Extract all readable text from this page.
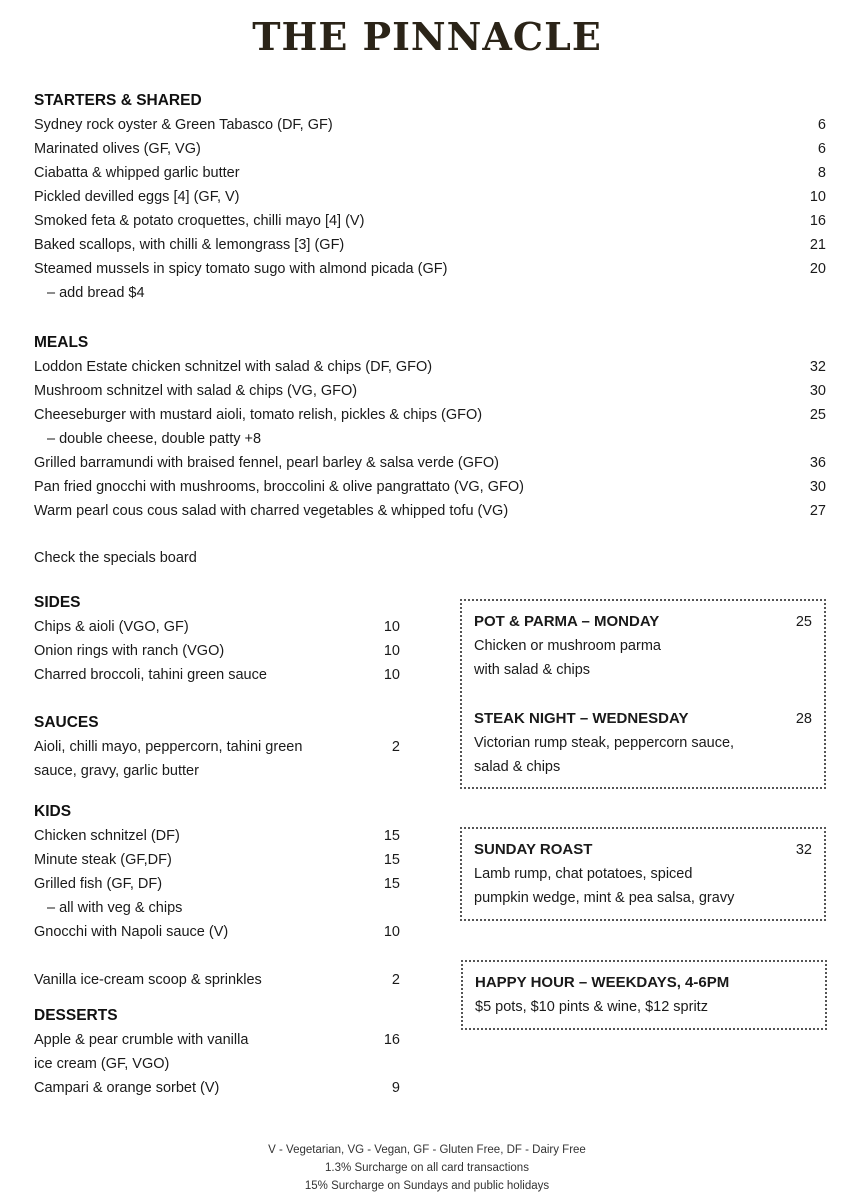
THE PINNACLE
STARTERS & SHARED
Sydney rock oyster & Green Tabasco (DF, GF)	6
Marinated olives (GF, VG)	6
Ciabatta & whipped garlic butter	8
Pickled devilled eggs [4] (GF, V)	10
Smoked feta & potato croquettes, chilli mayo [4] (V)	16
Baked scallops, with chilli & lemongrass [3] (GF)	21
Steamed mussels in spicy tomato sugo with almond picada (GF)	20
– add bread $4
MEALS
Loddon Estate chicken schnitzel with salad & chips (DF, GFO)	32
Mushroom schnitzel with salad & chips (VG, GFO)	30
Cheeseburger with mustard aioli, tomato relish, pickles & chips (GFO)	25
– double cheese, double patty +8
Grilled barramundi with braised fennel, pearl barley & salsa verde (GFO)	36
Pan fried gnocchi with mushrooms, broccolini & olive pangrattato (VG, GFO)	30
Warm pearl cous cous salad with charred vegetables & whipped tofu (VG)	27
Check the specials board
SIDES
Chips & aioli (VGO, GF)	10
Onion rings with ranch (VGO)	10
Charred broccoli, tahini green sauce	10
SAUCES
Aioli, chilli mayo, peppercorn, tahini green	2
sauce, gravy, garlic butter
KIDS
Chicken schnitzel (DF)	15
Minute steak (GF,DF)	15
Grilled fish (GF, DF)	15
– all with veg & chips
Gnocchi with Napoli sauce (V)	10
Vanilla ice-cream scoop & sprinkles	2
DESSERTS
Apple & pear crumble with vanilla	16
ice cream (GF, VGO)
Campari & orange sorbet (V)	9
POT & PARMA – MONDAY	25
Chicken or mushroom parma
with salad & chips
STEAK NIGHT – WEDNESDAY	28
Victorian rump steak, peppercorn sauce,
salad & chips
SUNDAY ROAST	32
Lamb rump, chat potatoes, spiced
pumpkin wedge, mint & pea salsa, gravy
HAPPY HOUR – WEEKDAYS, 4-6PM
$5 pots, $10 pints & wine, $12 spritz
V - Vegetarian, VG - Vegan, GF - Gluten Free, DF - Dairy Free
1.3% Surcharge on all card transactions
15% Surcharge on Sundays and public holidays
